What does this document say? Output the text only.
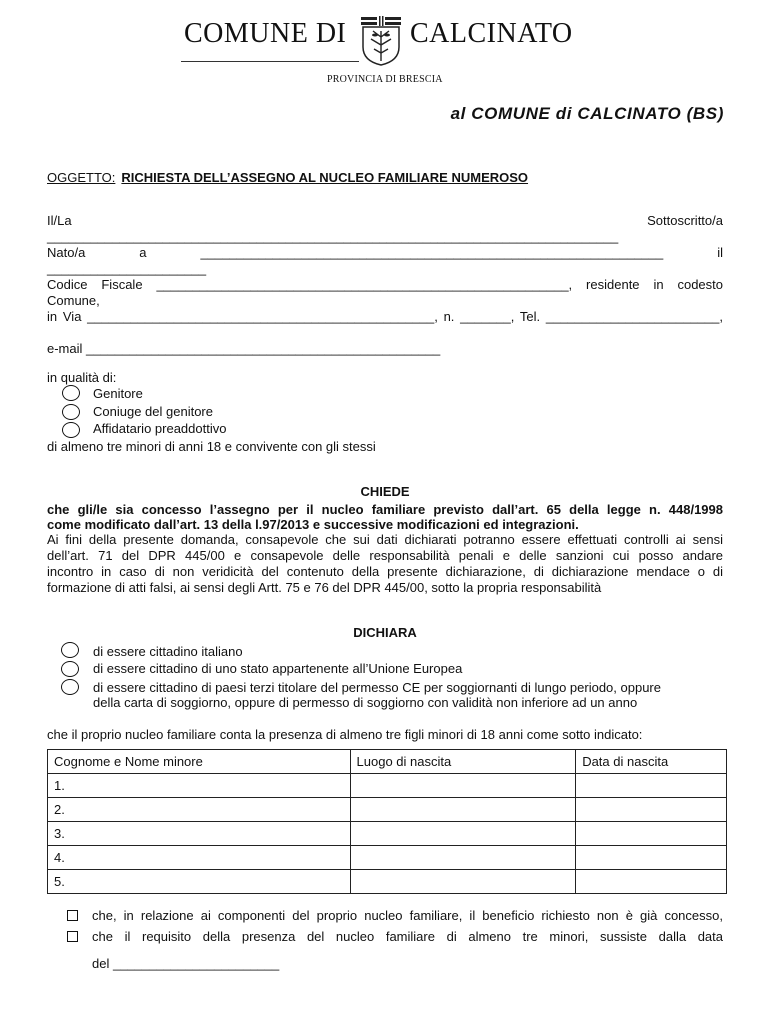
COMUNE DI CALCINATO
PROVINCIA DI BRESCIA
al COMUNE di CALCINATO (BS)
OGGETTO: RICHIESTA DELL’ASSEGNO AL NUCLEO FAMILIARE NUMEROSO
Il/La Sottoscritto/a _______________________________________________________________________________
Nato/a a ________________________________________________________________ il ______________________
Codice Fiscale _________________________________________________________, residente in codesto Comune,
in Via ________________________________________________, n. _______, Tel. ________________________,
e-mail _________________________________________________
in qualità di:
Genitore
Coniuge del genitore
Affidatario preaddottivo
di almeno tre minori di anni 18 e convivente con gli stessi
CHIEDE
che gli/le sia concesso l’assegno per il nucleo familiare previsto dall’art. 65 della legge n. 448/1998
come modificato dall’art. 13 della l.97/2013 e successive modificazioni ed integrazioni.
Ai fini della presente domanda, consapevole che sui dati dichiarati potranno essere effettuati controlli ai sensi
dell’art. 71 del DPR 445/00 e consapevole delle responsabilità penali e delle sanzioni cui posso andare
incontro in caso di non veridicità del contenuto della presente dichiarazione, di dichiarazione mendace o di
formazione di atti falsi, ai sensi degli Artt. 75 e 76 del DPR 445/00, sotto la propria responsabilità
DICHIARA
di essere cittadino italiano
di essere cittadino di uno stato appartenente all’Unione Europea
di essere cittadino di paesi terzi titolare del permesso CE per soggiornanti di lungo periodo, oppure
della carta di soggiorno, oppure di permesso di soggiorno con validità non inferiore ad un anno
che il proprio nucleo familiare conta la presenza di almeno tre figli minori di 18 anni come sotto indicato:
Cognome e Nome minore	Luogo di nascita	Data di nascita
1.		
2.		
3.		
4.		
5.		
che, in relazione ai componenti del proprio nucleo familiare, il beneficio richiesto non è già concesso,
che il requisito della presenza del nucleo familiare di almeno tre minori, sussiste dalla data
del _______________________
